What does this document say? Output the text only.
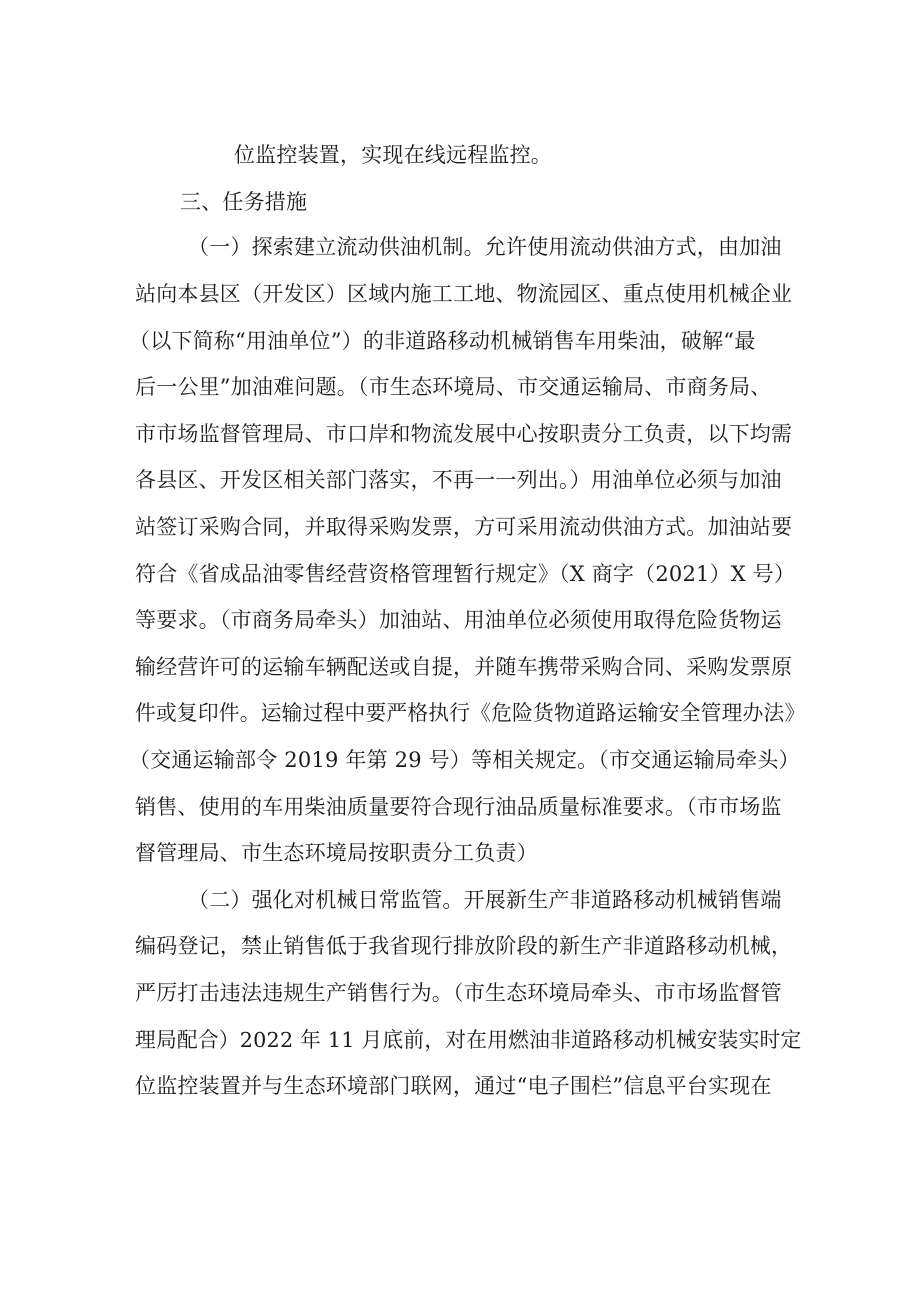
位监控装置，实现在线远程监控。

三、任务措施

（一）探索建立流动供油机制。允许使用流动供油方式，由加油

站向本县区（开发区）区域内施工工地、物流园区、重点使用机械企业

（以下简称“用油单位”）的非道路移动机械销售车用柴油，破解“最

后一公里”加油难问题。（市生态环境局、市交通运输局、市商务局、

市市场监督管理局、市口岸和物流发展中心按职责分工负责，以下均需

各县区、开发区相关部门落实，不再一一列出。）用油单位必须与加油

站签订采购合同，并取得采购发票，方可采用流动供油方式。加油站要

符合《省成品油零售经营资格管理暂行规定》（X 商字（2021）X 号）

等要求。（市商务局牵头）加油站、用油单位必须使用取得危险货物运

输经营许可的运输车辆配送或自提，并随车携带采购合同、采购发票原

件或复印件。运输过程中要严格执行《危险货物道路运输安全管理办法》

（交通运输部令 2019 年第 29 号）等相关规定。（市交通运输局牵头）

销售、使用的车用柴油质量要符合现行油品质量标准要求。（市市场监

督管理局、市生态环境局按职责分工负责）

（二）强化对机械日常监管。开展新生产非道路移动机械销售端

编码登记，禁止销售低于我省现行排放阶段的新生产非道路移动机械，

严厉打击违法违规生产销售行为。（市生态环境局牵头、市市场监督管

理局配合）2022 年 11 月底前，对在用燃油非道路移动机械安装实时定

位监控装置并与生态环境部门联网，通过“电子围栏”信息平台实现在
